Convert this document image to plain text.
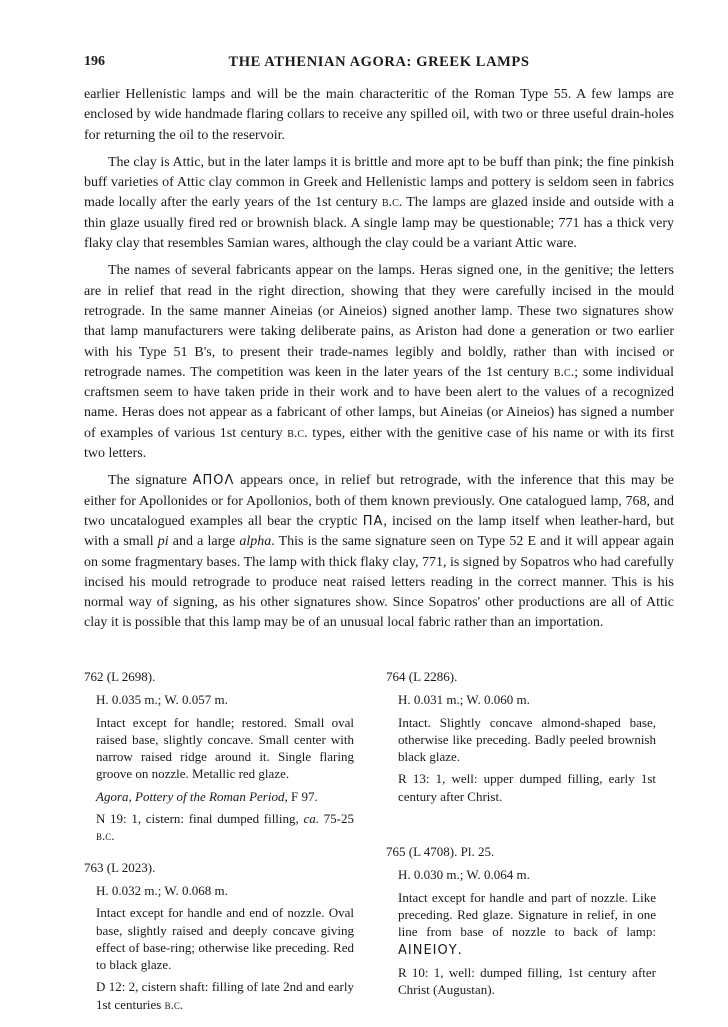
196	THE ATHENIAN AGORA: GREEK LAMPS

earlier Hellenistic lamps and will be the main characteritic of the Roman Type 55. A few lamps are enclosed by wide handmade flaring collars to receive any spilled oil, with two or three useful drain-holes for returning the oil to the reservoir.

The clay is Attic, but in the later lamps it is brittle and more apt to be buff than pink; the fine pinkish buff varieties of Attic clay common in Greek and Hellenistic lamps and pottery is seldom seen in fabrics made locally after the early years of the 1st century b.c. The lamps are glazed inside and outside with a thin glaze usually fired red or brownish black. A single lamp may be questionable; 771 has a thick very flaky clay that resembles Samian wares, although the clay could be a variant Attic ware.

The names of several fabricants appear on the lamps. Heras signed one, in the genitive; the letters are in relief that read in the right direction, showing that they were carefully incised in the mould retrograde. In the same manner Aineias (or Aineios) signed another lamp. These two signatures show that lamp manufacturers were taking deliberate pains, as Ariston had done a generation or two earlier with his Type 51 B's, to present their trade-names legibly and boldly, rather than with incised or retrograde names. The competition was keen in the later years of the 1st century b.c.; some individual craftsmen seem to have taken pride in their work and to have been alert to the values of a recognized name. Heras does not appear as a fabricant of other lamps, but Aineias (or Aineios) has signed a number of examples of various 1st century b.c. types, either with the genitive case of his name or with its first two letters.

The signature ΑΠΟΛ appears once, in relief but retrograde, with the inference that this may be either for Apollonides or for Apollonios, both of them known previously. One catalogued lamp, 768, and two uncatalogued examples all bear the cryptic ΠΑ, incised on the lamp itself when leather-hard, but with a small pi and a large alpha. This is the same signature seen on Type 52 E and it will appear again on some fragmentary bases. The lamp with thick flaky clay, 771, is signed by Sopatros who had carefully incised his mould retrograde to produce neat raised letters reading in the correct manner. This is his normal way of signing, as his other signatures show. Since Sopatros' other productions are all of Attic clay it is possible that this lamp may be of an unusual local fabric rather than an importation.

762 (L 2698).
H. 0.035 m.; W. 0.057 m.
Intact except for handle; restored. Small oval raised base, slightly concave. Small center with narrow raised ridge around it. Single flaring groove on nozzle. Metallic red glaze.
Agora, Pottery of the Roman Period, F 97.
N 19: 1, cistern: final dumped filling, ca. 75-25 b.c.
763 (L 2023).
H. 0.032 m.; W. 0.068 m.
Intact except for handle and end of nozzle. Oval base, slightly raised and deeply concave giving effect of base-ring; otherwise like preceding. Red to black glaze.
D 12: 2, cistern shaft: filling of late 2nd and early 1st centuries b.c.
764 (L 2286).
H. 0.031 m.; W. 0.060 m.
Intact. Slightly concave almond-shaped base, otherwise like preceding. Badly peeled brownish black glaze.
R 13: 1, well: upper dumped filling, early 1st century after Christ.
765 (L 4708). Pl. 25.
H. 0.030 m.; W. 0.064 m.
Intact except for handle and part of nozzle. Like preceding. Red glaze. Signature in relief, in one line from base of nozzle to back of lamp: ΑΙΝΕΙΟΥ.
R 10: 1, well: dumped filling, 1st century after Christ (Augustan).
